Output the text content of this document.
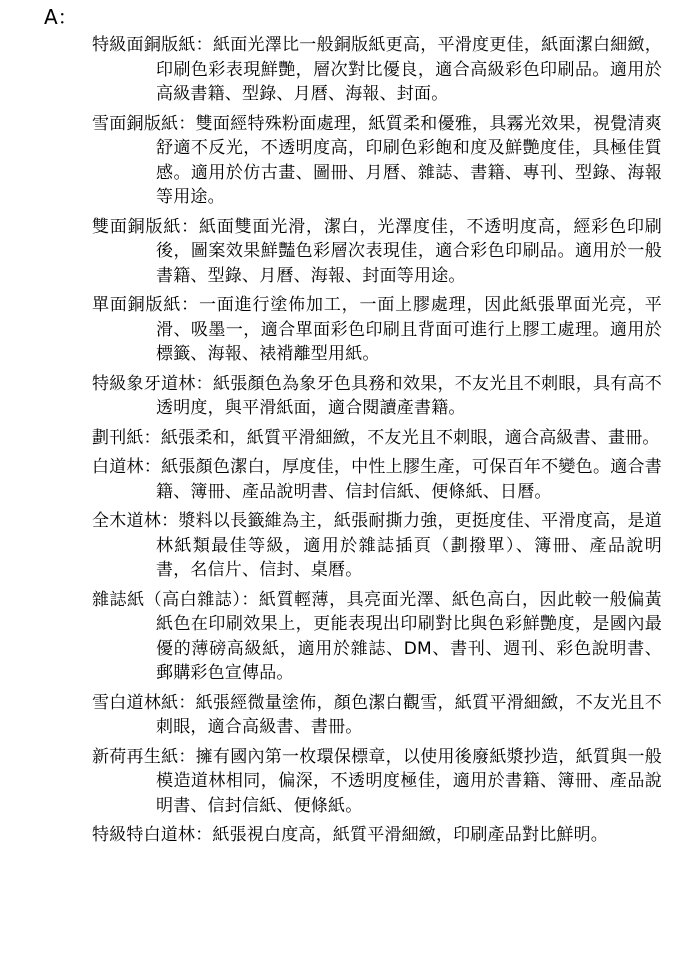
A：
特級面銅版紙：紙面光澤比一般銅版紙更高，平滑度更佳，紙面潔白細緻，印刷色彩表現鮮艷，層次對比優良，適合高級彩色印刷品。適用於高級書籍、型錄、月曆、海報、封面。
雪面銅版紙：雙面經特殊粉面處理，紙質柔和優雅，具霧光效果，視覺清爽舒適不反光，不透明度高，印刷色彩飽和度及鮮艷度佳，具極佳質感。適用於仿古畫、圖冊、月曆、雜誌、書籍、專刊、型錄、海報等用途。
雙面銅版紙：紙面雙面光滑，潔白，光澤度佳，不透明度高，經彩色印刷後，圖案效果鮮豔色彩層次表現佳，適合彩色印刷品。適用於一般書籍、型錄、月曆、海報、封面等用途。
單面銅版紙：一面進行塗佈加工，一面上膠處理，因此紙張單面光亮，平滑、吸墨一，適合單面彩色印刷且背面可進行上膠工處理。適用於標籤、海報、裱褙離型用紙。
特級象牙道林：紙張顏色為象牙色具務和效果，不友光且不刺眼，具有高不透明度，與平滑紙面，適合閱讀產書籍。
劃刊紙：紙張柔和，紙質平滑細緻，不友光且不刺眼，適合高級書、畫冊。
白道林：紙張顏色潔白，厚度佳，中性上膠生產，可保百年不變色。適合書籍、簿冊、產品說明書、信封信紙、便條紙、日曆。
全木道林：漿料以長籤維為主，紙張耐撕力強，更挺度佳、平滑度高，是道林紙類最佳等級，適用於雜誌插頁（劃撥單）、簿冊、產品說明書，名信片、信封、桌曆。
雜誌紙（高白雜誌）：紙質輕薄，具亮面光澤、紙色高白，因此較一般偏黃紙色在印刷效果上，更能表現出印刷對比與色彩鮮艷度，是國內最優的薄磅高級紙，適用於雜誌、DM、書刊、週刊、彩色說明書、郵購彩色宣傳品。
雪白道林紙：紙張經微量塗佈，顏色潔白觀雪，紙質平滑細緻，不友光且不刺眼，適合高級書、書冊。
新荷再生紙：擁有國內第一枚環保標章，以使用後廢紙漿抄造，紙質與一般模造道林相同，偏深，不透明度極佳，適用於書籍、簿冊、產品說明書、信封信紙、便條紙。
特級特白道林：紙張視白度高，紙質平滑細緻，印刷產品對比鮮明。
